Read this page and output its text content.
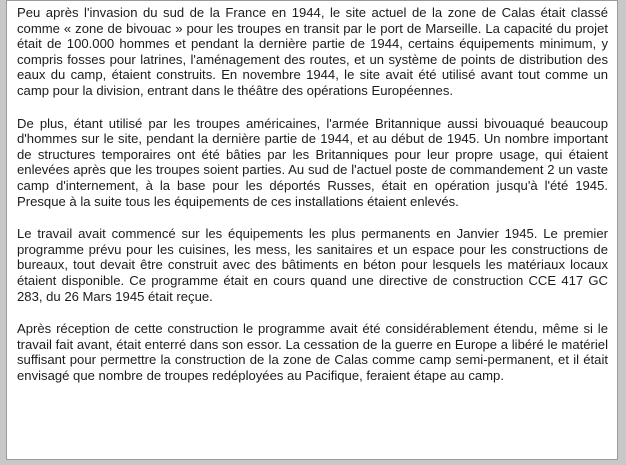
Peu après l'invasion du sud de la France en 1944, le site actuel de la zone de Calas était classé comme « zone de bivouac » pour les troupes en transit par le port de Marseille. La capacité du projet était de 100.000 hommes et pendant la dernière partie de 1944, certains équipements minimum, y compris fosses pour latrines, l'aménagement des routes, et un système de points de distribution des eaux du camp, étaient construits. En novembre 1944, le site avait été utilisé avant tout comme un camp pour la division, entrant dans le théâtre des opérations Européennes.

De plus, étant utilisé par les troupes américaines, l'armée Britannique aussi bivouaqué beaucoup d'hommes sur le site, pendant la dernière partie de 1944, et au début de 1945. Un nombre important de structures temporaires ont été bâties par les Britanniques pour leur propre usage, qui étaient enlevées après que les troupes soient parties. Au sud de l'actuel poste de commandement 2 un vaste camp d'internement, à la base pour les déportés Russes, était en opération jusqu'à l'été 1945. Presque à la suite tous les équipements de ces installations étaient enlevés.

Le travail avait commencé sur les équipements les plus permanents en Janvier 1945. Le premier programme prévu pour les cuisines, les mess, les sanitaires et un espace pour les constructions de bureaux, tout devait être construit avec des bâtiments en béton pour lesquels les matériaux locaux étaient disponible. Ce programme était en cours quand une directive de construction CCE 417 GC 283, du 26 Mars 1945 était reçue.

Après réception de cette construction le programme avait été considérablement étendu, même si le travail fait avant, était enterré dans son essor. La cessation de la guerre en Europe a libéré le matériel suffisant pour permettre la construction de la zone de Calas comme camp semi-permanent, et il était envisagé que nombre de troupes redéployées au Pacifique, feraient étape au camp.
